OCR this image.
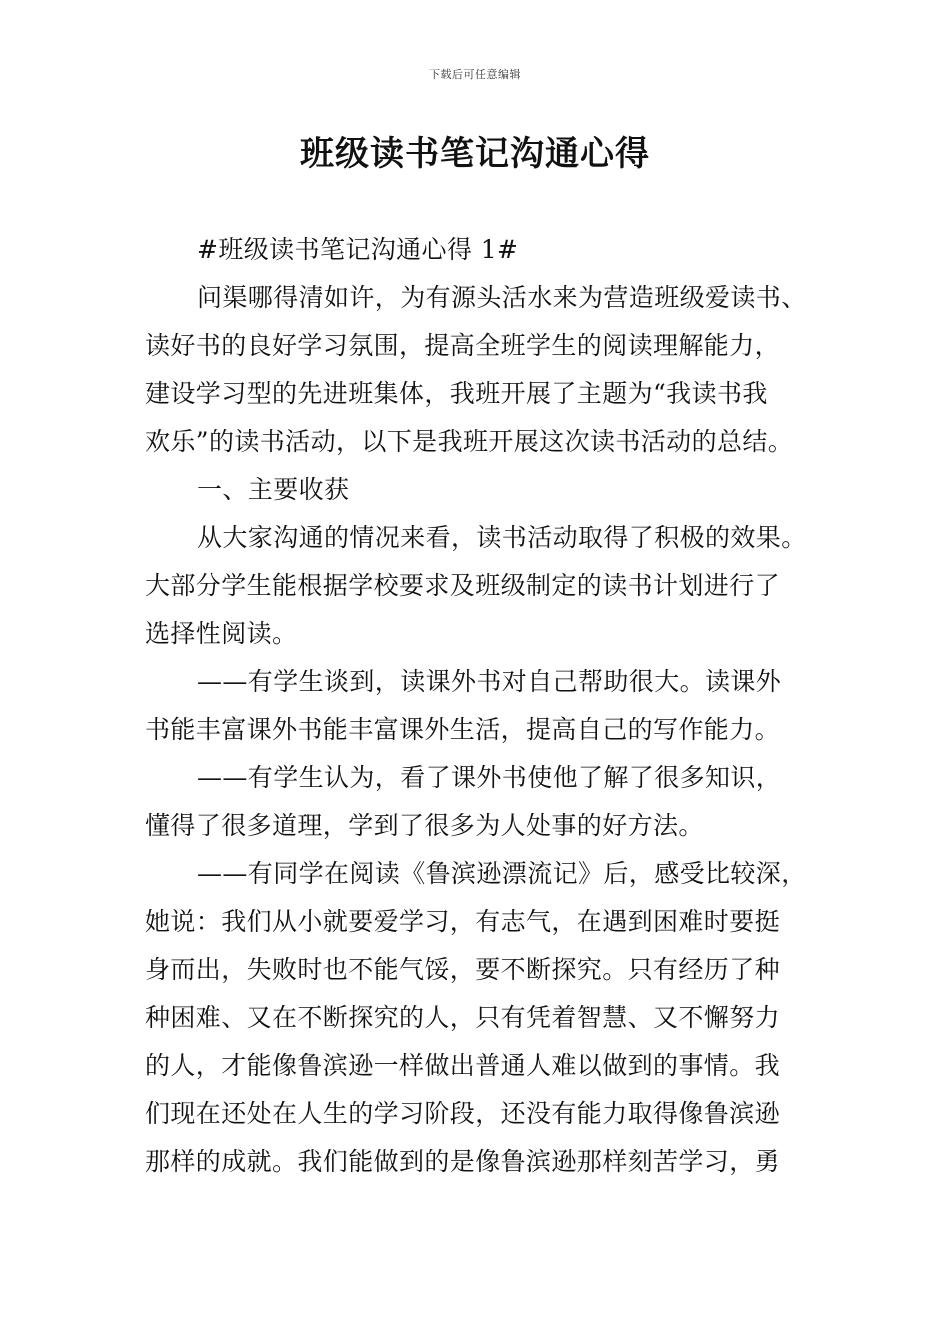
下载后可任意编辑
班级读书笔记沟通心得
#班级读书笔记沟通心得 1#
问渠哪得清如许，为有源头活水来为营造班级爱读书、
读好书的良好学习氛围，提高全班学生的阅读理解能力，
建设学习型的先进班集体，我班开展了主题为“我读书我
欢乐”的读书活动，以下是我班开展这次读书活动的总结。
一、主要收获
从大家沟通的情况来看，读书活动取得了积极的效果。
大部分学生能根据学校要求及班级制定的读书计划进行了
选择性阅读。
——有学生谈到，读课外书对自己帮助很大。读课外
书能丰富课外书能丰富课外生活，提高自己的写作能力。
——有学生认为，看了课外书使他了解了很多知识，
懂得了很多道理，学到了很多为人处事的好方法。
——有同学在阅读《鲁滨逊漂流记》后，感受比较深，
她说：我们从小就要爱学习，有志气，在遇到困难时要挺
身而出，失败时也不能气馁，要不断探究。只有经历了种
种困难、又在不断探究的人，只有凭着智慧、又不懈努力
的人，才能像鲁滨逊一样做出普通人难以做到的事情。我
们现在还处在人生的学习阶段，还没有能力取得像鲁滨逊
那样的成就。我们能做到的是像鲁滨逊那样刻苦学习，勇
